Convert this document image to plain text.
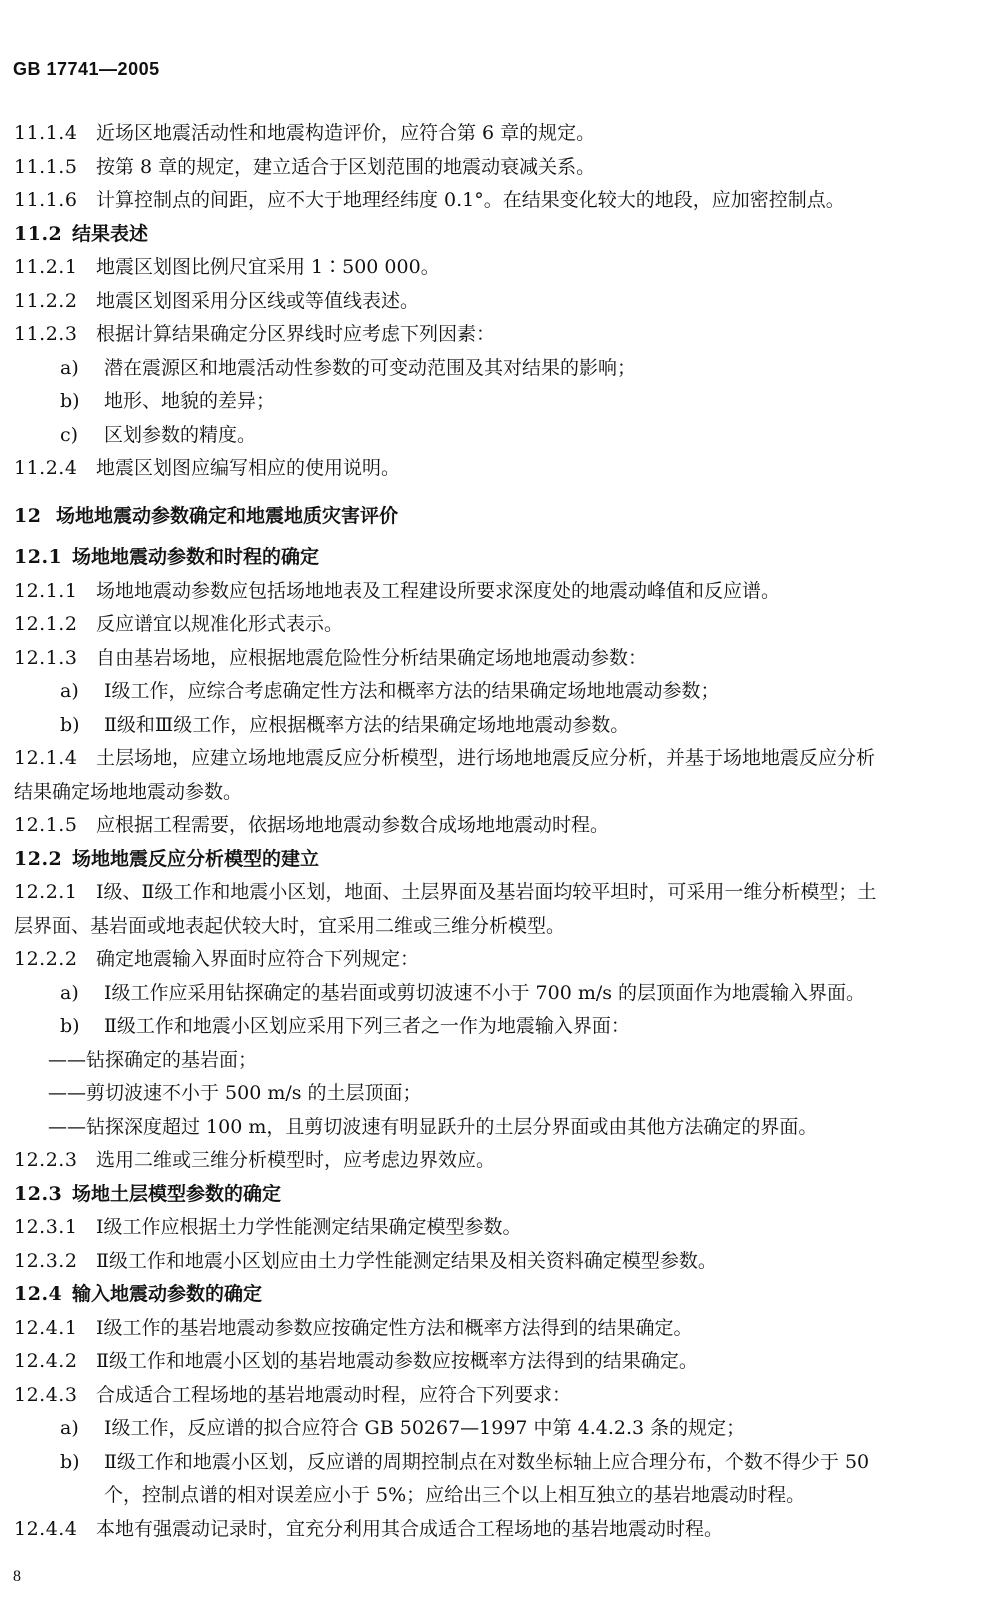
GB 17741—2005
11.1.4 近场区地震活动性和地震构造评价，应符合第 6 章的规定。
11.1.5 按第 8 章的规定，建立适合于区划范围的地震动衰减关系。
11.1.6 计算控制点的间距，应不大于地理经纬度 0.1°。在结果变化较大的地段，应加密控制点。
11.2 结果表述
11.2.1 地震区划图比例尺宜采用 1∶500 000。
11.2.2 地震区划图采用分区线或等值线表述。
11.2.3 根据计算结果确定分区界线时应考虑下列因素：
a) 潜在震源区和地震活动性参数的可变动范围及其对结果的影响；
b) 地形、地貌的差异；
c) 区划参数的精度。
11.2.4 地震区划图应编写相应的使用说明。
12 场地地震动参数确定和地震地质灾害评价
12.1 场地地震动参数和时程的确定
12.1.1 场地地震动参数应包括场地地表及工程建设所要求深度处的地震动峰值和反应谱。
12.1.2 反应谱宜以规准化形式表示。
12.1.3 自由基岩场地，应根据地震危险性分析结果确定场地地震动参数：
a) Ⅰ级工作，应综合考虑确定性方法和概率方法的结果确定场地地震动参数；
b) Ⅱ级和Ⅲ级工作，应根据概率方法的结果确定场地地震动参数。
12.1.4 土层场地，应建立场地地震反应分析模型，进行场地地震反应分析，并基于场地地震反应分析
结果确定场地地震动参数。
12.1.5 应根据工程需要，依据场地地震动参数合成场地地震动时程。
12.2 场地地震反应分析模型的建立
12.2.1 Ⅰ级、Ⅱ级工作和地震小区划，地面、土层界面及基岩面均较平坦时，可采用一维分析模型；土
层界面、基岩面或地表起伏较大时，宜采用二维或三维分析模型。
12.2.2 确定地震输入界面时应符合下列规定：
a) Ⅰ级工作应采用钻探确定的基岩面或剪切波速不小于 700 m/s 的层顶面作为地震输入界面。
b) Ⅱ级工作和地震小区划应采用下列三者之一作为地震输入界面：
——钻探确定的基岩面；
——剪切波速不小于 500 m/s 的土层顶面；
——钻探深度超过 100 m，且剪切波速有明显跃升的土层分界面或由其他方法确定的界面。
12.2.3 选用二维或三维分析模型时，应考虑边界效应。
12.3 场地土层模型参数的确定
12.3.1 Ⅰ级工作应根据土力学性能测定结果确定模型参数。
12.3.2 Ⅱ级工作和地震小区划应由土力学性能测定结果及相关资料确定模型参数。
12.4 输入地震动参数的确定
12.4.1 Ⅰ级工作的基岩地震动参数应按确定性方法和概率方法得到的结果确定。
12.4.2 Ⅱ级工作和地震小区划的基岩地震动参数应按概率方法得到的结果确定。
12.4.3 合成适合工程场地的基岩地震动时程，应符合下列要求：
a) Ⅰ级工作，反应谱的拟合应符合 GB 50267—1997 中第 4.4.2.3 条的规定；
b) Ⅱ级工作和地震小区划，反应谱的周期控制点在对数坐标轴上应合理分布，个数不得少于 50
个，控制点谱的相对误差应小于 5%；应给出三个以上相互独立的基岩地震动时程。
12.4.4 本地有强震动记录时，宜充分利用其合成适合工程场地的基岩地震动时程。
8
